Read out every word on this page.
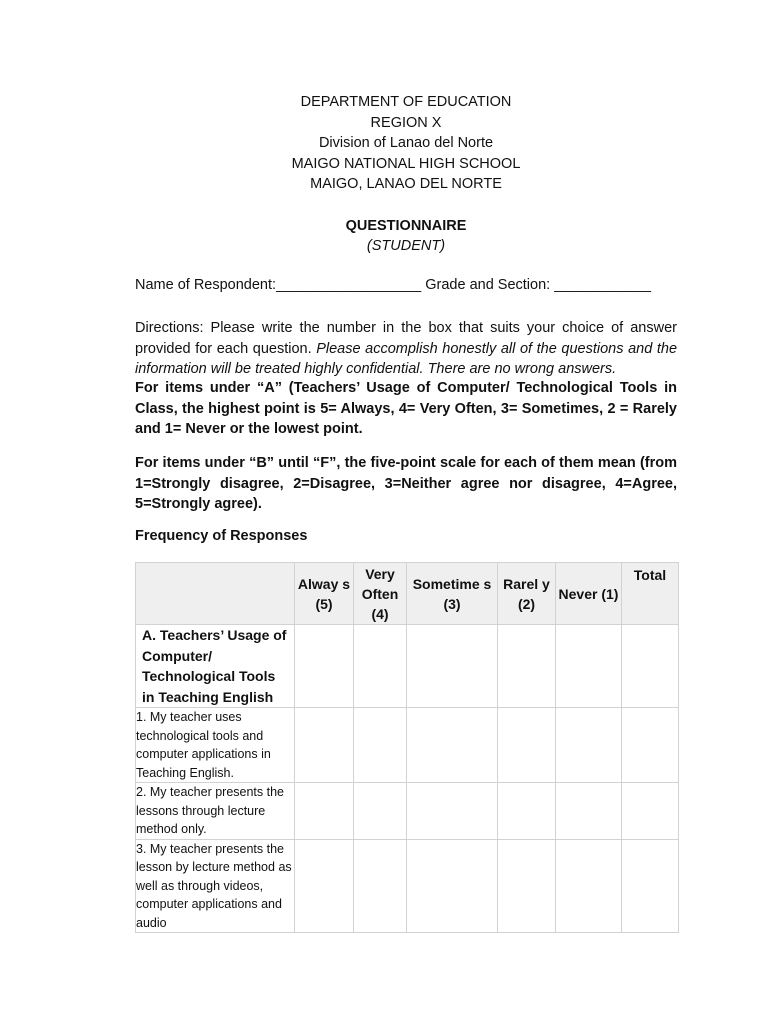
DEPARTMENT OF EDUCATION
REGION X
Division of Lanao del Norte
MAIGO NATIONAL HIGH SCHOOL
MAIGO, LANAO DEL NORTE
QUESTIONNAIRE
(STUDENT)
Name of Respondent:__________________ Grade and Section: ____________
Directions: Please write the number in the box that suits your choice of answer provided for each question. Please accomplish honestly all of the questions and the information will be treated highly confidential. There are no wrong answers.
For items under “A” (Teachers’ Usage of Computer/ Technological Tools in Class, the highest point is 5= Always, 4= Very Often, 3= Sometimes, 2 = Rarely and 1= Never or the lowest point.
For items under “B” until “F”, the five-point scale for each of them mean (from 1=Strongly disagree, 2=Disagree, 3=Neither agree nor disagree, 4=Agree, 5=Strongly agree).
Frequency of Responses
	Alway s (5)	Very Often (4)	Sometime s (3)	Rarel y (2)	Never (1)	Total
A. Teachers’ Usage of Computer/ Technological Tools in Teaching English						
1. My teacher uses technological tools and computer applications in Teaching English.						
2. My teacher presents the lessons through lecture method only.						
3. My teacher presents the lesson by lecture method as well as through videos, computer applications and audio						
